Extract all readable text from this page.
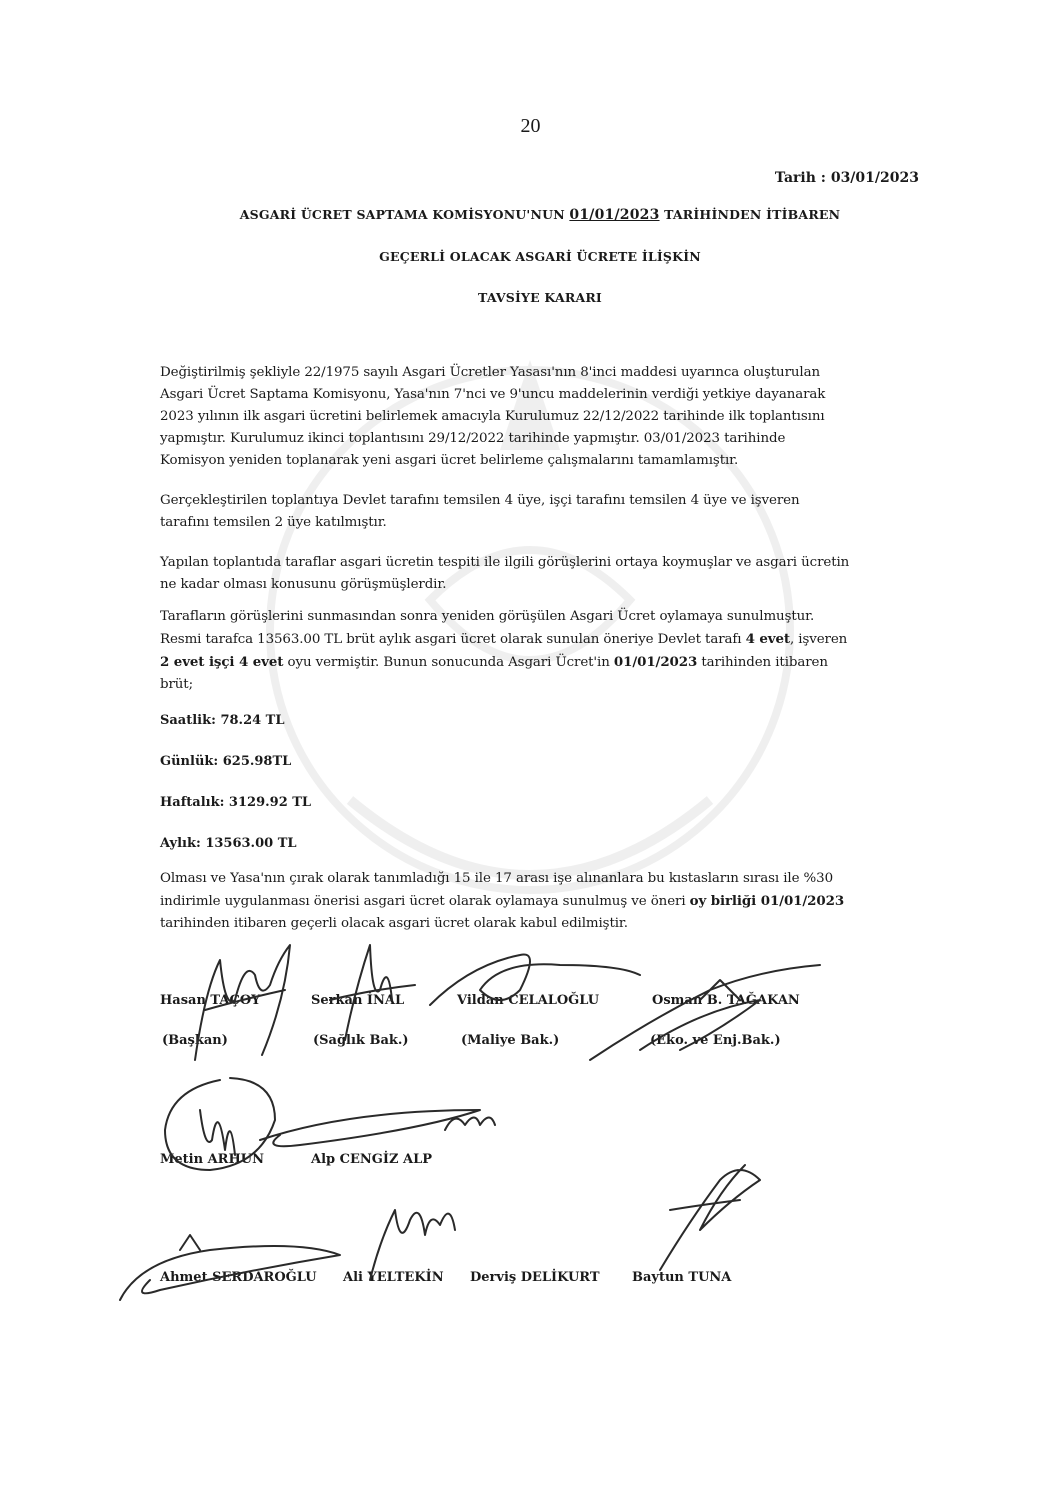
20
Tarih : 03/01/2023
ASGARİ ÜCRET SAPTAMA KOMİSYONU'NUN 01/01/2023 TARİHİNDEN İTİBAREN
GEÇERLİ OLACAK ASGARİ ÜCRETE İLİŞKİN
TAVSİYE KARARI
Değiştirilmiş şekliyle 22/1975 sayılı Asgari Ücretler Yasası'nın 8'inci maddesi uyarınca oluşturulan
Asgari Ücret Saptama Komisyonu, Yasa'nın 7'nci ve 9'uncu maddelerinin verdiği yetkiye dayanarak
2023 yılının ilk asgari ücretini belirlemek amacıyla Kurulumuz 22/12/2022 tarihinde ilk toplantısını
yapmıştır. Kurulumuz ikinci toplantısını 29/12/2022 tarihinde yapmıştır. 03/01/2023 tarihinde
Komisyon yeniden toplanarak yeni asgari ücret belirleme çalışmalarını tamamlamıştır.
Gerçekleştirilen toplantıya Devlet tarafını temsilen 4 üye, işçi tarafını temsilen 4 üye ve işveren
tarafını temsilen 2 üye katılmıştır.
Yapılan toplantıda taraflar asgari ücretin tespiti ile ilgili görüşlerini ortaya koymuşlar ve asgari ücretin
ne kadar olması konusunu görüşmüşlerdir.
Tarafların görüşlerini sunmasından sonra yeniden görüşülen Asgari Ücret oylamaya sunulmuştur.
Resmi tarafca 13563.00 TL brüt aylık asgari ücret olarak sunulan öneriye Devlet tarafı 4 evet, işveren
2 evet işçi 4 evet oyu vermiştir. Bunun sonucunda Asgari Ücret'in 01/01/2023 tarihinden itibaren
brüt;
Saatlik: 78.24 TL
Günlük: 625.98TL
Haftalık: 3129.92 TL
Aylık: 13563.00 TL
Olması ve Yasa'nın çırak olarak tanımladığı 15 ile 17 arası işe alınanlara bu kıstasların sırası ile %30
indirimle uygulanması önerisi asgari ücret olarak oylamaya sunulmuş ve öneri oy birliği 01/01/2023
tarihinden itibaren geçerli olacak asgari ücret olarak kabul edilmiştir.
Hasan TAÇOY
(Başkan)
Serkan İNAL
(Sağlık Bak.)
Vildan CELALOĞLU
(Maliye Bak.)
Osman B. TAĞAKAN
(Eko. ve Enj.Bak.)
Metin ARHUN	Alp CENGİZ ALP
Ahmet SERDAROĞLU Ali YELTEKİN Derviş DELİKURT Baytun TUNA
